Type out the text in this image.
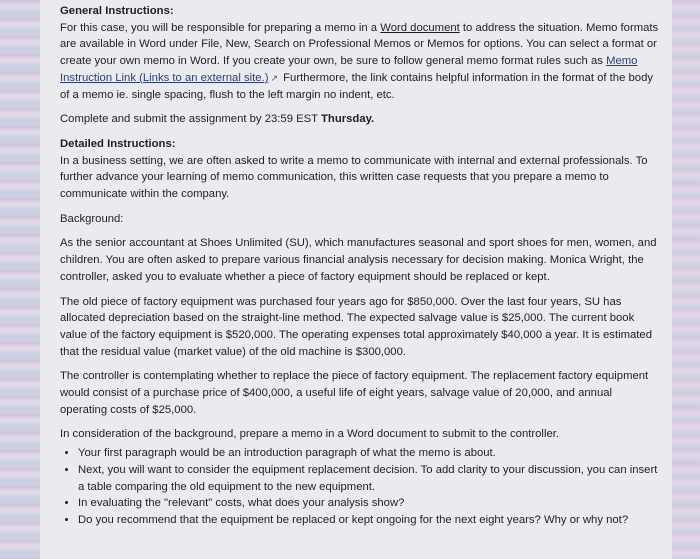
General Instructions:

For this case, you will be responsible for preparing a memo in a Word document to address the situation. Memo formats are available in Word under File, New, Search on Professional Memos or Memos for options. You can select a format or create your own memo in Word. If you create your own, be sure to follow general memo format rules such as Memo Instruction Link (Links to an external site.) ↗ Furthermore, the link contains helpful information in the format of the body of a memo ie. single spacing, flush to the left margin no indent, etc.

Complete and submit the assignment by 23:59 EST Thursday.

Detailed Instructions:

In a business setting, we are often asked to write a memo to communicate with internal and external professionals. To further advance your learning of memo communication, this written case requests that you prepare a memo to communicate within the company.

Background:

As the senior accountant at Shoes Unlimited (SU), which manufactures seasonal and sport shoes for men, women, and children. You are often asked to prepare various financial analysis necessary for decision making. Monica Wright, the controller, asked you to evaluate whether a piece of factory equipment should be replaced or kept.

The old piece of factory equipment was purchased four years ago for $850,000. Over the last four years, SU has allocated depreciation based on the straight-line method. The expected salvage value is $25,000. The current book value of the factory equipment is $520,000. The operating expenses total approximately $40,000 a year. It is estimated that the residual value (market value) of the old machine is $300,000.

The controller is contemplating whether to replace the piece of factory equipment. The replacement factory equipment would consist of a purchase price of $400,000, a useful life of eight years, salvage value of 20,000, and annual operating costs of $25,000.

In consideration of the background, prepare a memo in a Word document to submit to the controller.

• Your first paragraph would be an introduction paragraph of what the memo is about.
• Next, you will want to consider the equipment replacement decision. To add clarity to your discussion, you can insert a table comparing the old equipment to the new equipment.
• In evaluating the "relevant" costs, what does your analysis show?
• Do you recommend that the equipment be replaced or kept ongoing for the next eight years? Why or why not?
